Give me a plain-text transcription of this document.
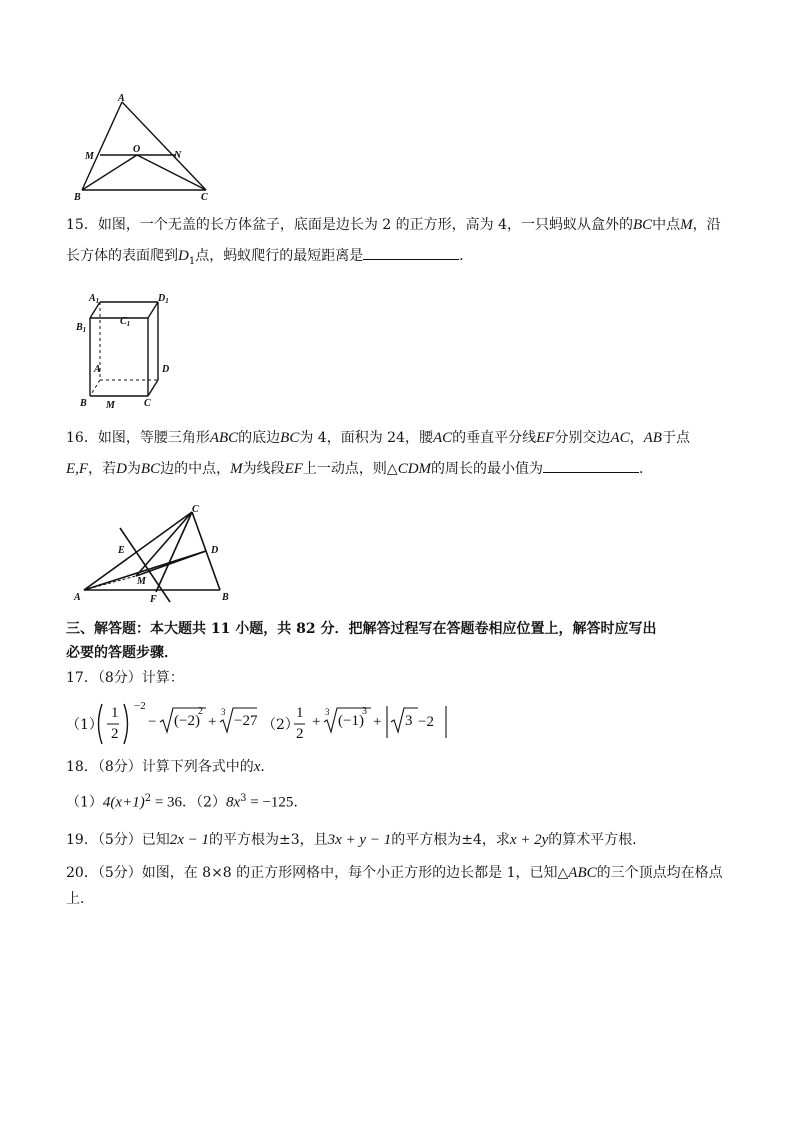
A
M
O
N
B	C
15．如图，一个无盖的长方体盆子，底面是边长为 2 的正方形，高为 4，一只蚂蚁从盒外的BC中点M，沿
长方体的表面爬到$D_1$点，蚂蚁爬行的最短距离是	．
$A_1$	$D_1$
$B_1$
$C_1$
A	D
B M	C
16．如图，等腰三角形ABC的底边BC为 4，面积为 24，腰AC的垂直平分线EF分别交边AC，AB于点
E,F，若D为BC边的中点，M为线段EF上一动点，则△CDM的周长的最小值为	．
C
E	D
M
A	F	B
三、解答题：本大题共 11 小题，共 82 分．把解答过程写在答题卷相应位置上，解答时应写出
必要的答题步骤．
17．（8分）计算：
（1）
1
2
−2
− (−2)
2
+
3
−27 （2）
1
2
+
3
(−1)
3
+ 3 −2
18．（8分）计算下列各式中的x．
$(1)4(x+1)^2 = 36$．$(2)8x^3 = -125$．
19．（5分）已知2x − 1的平方根为±3，且3x + y − 1的平方根为±4，求x + 2y的算术平方根．
20．（5分）如图，在 8×8 的正方形网格中，每个小正方形的边长都是 1，已知△ABC的三个顶点均在格点
上．
